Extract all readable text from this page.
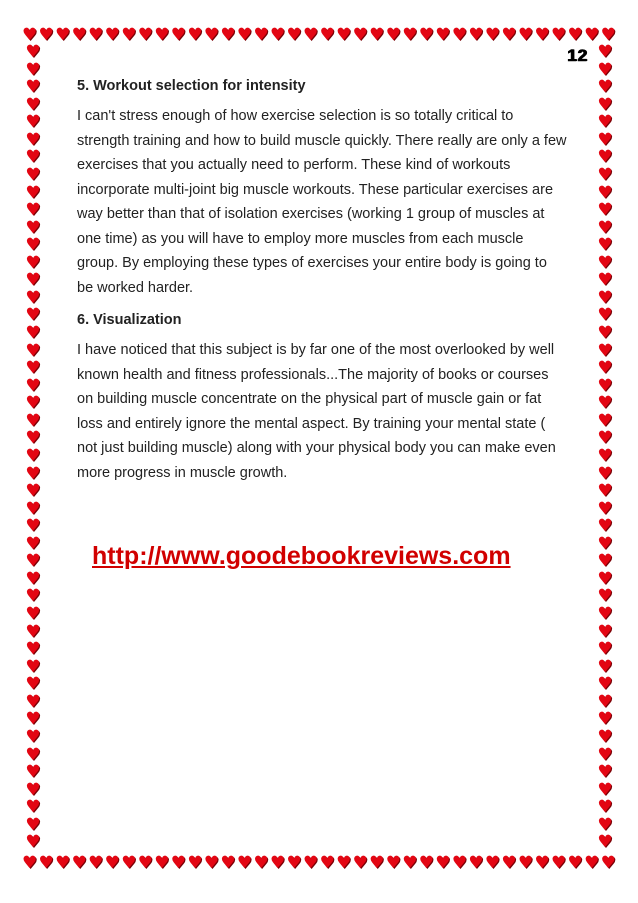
♥ ♥ ♥ ♥ ♥ ♥ ♥ ♥ ♥ ♥ ♥ ♥ ♥ ♥ ♥ ♥ ♥ ♥ ♥ ♥ ♥ ♥ ♥ ♥ ♥ ♥ ♥ ♥ ♥ ♥ ♥ ♥ ♥ ♥ ♥ ♥
♥ ♥ ♥ ♥ ♥ ♥ ♥ ♥ ♥ ♥ ♥ ♥ ♥ ♥ ♥ ♥ ♥ ♥ ♥ ♥ ♥ ♥ ♥ ♥ ♥ ♥ ♥ ♥ ♥ ♥ ♥ ♥ ♥ ♥ ♥ ♥
♥
♥
♥
♥
♥
♥
♥
♥
♥
♥
♥
♥
♥
♥
♥
♥
♥
♥
♥
♥
♥
♥
♥
♥
♥
♥
♥
♥
♥
♥
♥
♥
♥
♥
♥
♥
♥
♥
♥
♥
♥
♥
♥
♥
♥
♥
♥
♥
♥
♥
♥
♥
♥
♥
♥
♥
♥
♥
♥
♥
♥
♥
♥
♥
♥
♥
♥
♥
♥
♥
♥
♥
♥
♥
♥
♥
♥
♥
♥
♥
♥
♥
♥
♥
♥
♥
♥
♥
♥
♥
♥
♥
12
5. Workout selection for intensity

I can't stress enough of how exercise selection is so totally critical to strength training and how to build muscle quickly. There really are only a few exercises that you actually need to perform. These kind of workouts incorporate multi-joint big muscle workouts. These particular exercises are way better than that of isolation exercises (working 1 group of muscles at one time) as you will have to employ more muscles from each muscle group. By employing these types of exercises your entire body is going to be worked harder.

6. Visualization

I have noticed that this subject is by far one of the most overlooked by well known health and fitness professionals...The majority of books or courses on building muscle concentrate on the physical part of muscle gain or fat loss and entirely ignore the mental aspect. By training your mental state ( not just building muscle) along with your physical body you can make even more progress in muscle growth.

http://www.goodebookreviews.com
